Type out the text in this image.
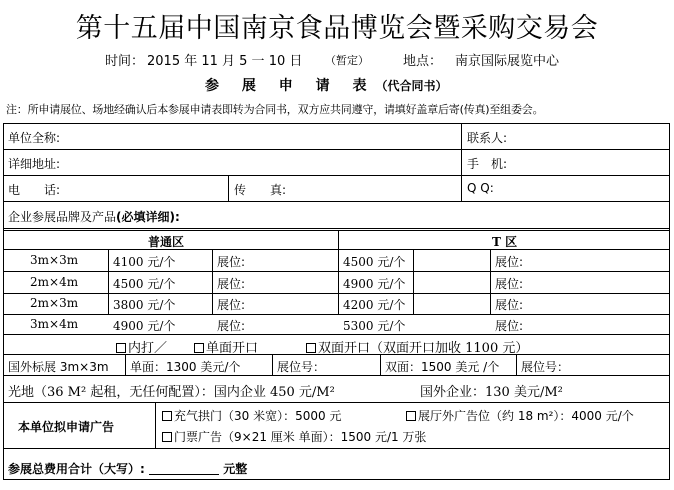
第十五届中国南京食品博览会暨采购交易会
时间： 2015 年 11 月 5 一 10 日 （暂定）	地点： 南京国际展览中心
参 展 申 请 表（代合同书）
注：所申请展位、场地经确认后本参展申请表即转为合同书，双方应共同遵守，请填好盖章后寄(传真)至组委会。
单位全称:	联系人:
详细地址:	手　机:
电　　话:	传　　真:	Q Q:
企业参展品牌及产品(必填详细):
普通区	T 区
3m×3m	4100 元/个	展位:	4500 元/个	展位:
2m×4m	4500 元/个	展位:	4900 元/个	展位:
2m×3m	3800 元/个	展位:	4200 元/个	展位:
3m×4m	4900 元/个	展位:	5300 元/个	展位:
内打／	单面开口	双面开口（双面开口加收 1100 元）
国外标展 3m×3m 单面：1300 美元/个	展位号：	双面：1500 美元 /个 展位号：
光地（36 M² 起租，无任何配置）：国内企业 450 元/M²	国外企业：130 美元/M²
本单位拟申请广告
充气拱门（30 米宽）：5000 元	展厅外广告位（约 18 m²）：4000 元/个
门票广告（9×21 厘米 单面）：1500 元/1 万张
参展总费用合计（大写）:	元整
